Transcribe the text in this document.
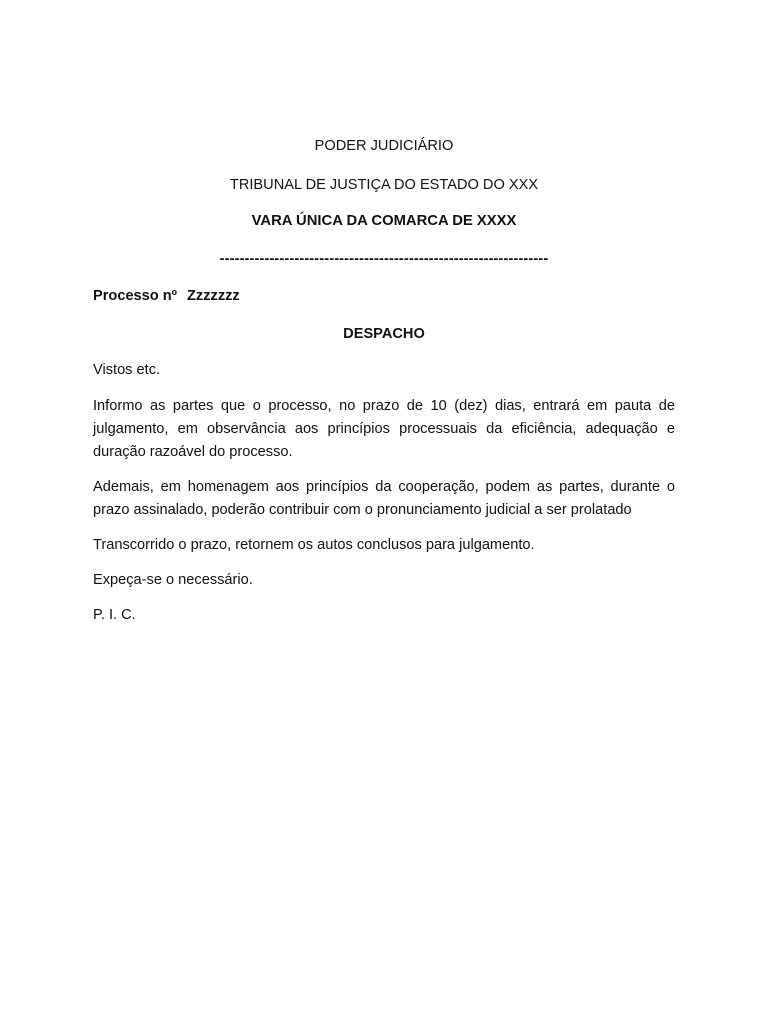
PODER JUDICIÁRIO

TRIBUNAL DE JUSTIÇA DO ESTADO DO XXX

VARA ÚNICA DA COMARCA DE XXXX

------------------------------------------------------------------

Processo nº Zzzzzzz

DESPACHO

Vistos etc.

Informo as partes que o processo, no prazo de 10 (dez) dias, entrará em pauta de julgamento, em observância aos princípios processuais da eficiência, adequação e duração razoável do processo.

Ademais, em homenagem aos princípios da cooperação, podem as partes, durante o prazo assinalado, poderão contribuir com o pronunciamento judicial a ser prolatado

Transcorrido o prazo, retornem os autos conclusos para julgamento.

Expeça-se o necessário.

P. I. C.
